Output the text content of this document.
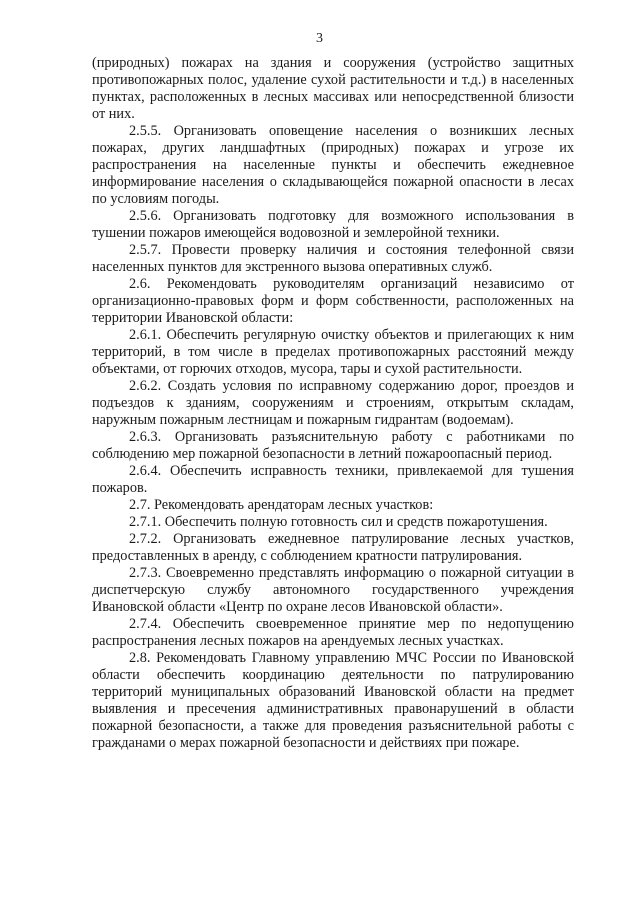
3

(природных) пожарах на здания и сооружения (устройство защитных противопожарных полос, удаление сухой растительности и т.д.) в населенных пунктах, расположенных в лесных массивах или непосредственной близости от них.

2.5.5. Организовать оповещение населения о возникших лесных пожарах, других ландшафтных (природных) пожарах и угрозе их распространения на населенные пункты и обеспечить ежедневное информирование населения о складывающейся пожарной опасности в лесах по условиям погоды.

2.5.6. Организовать подготовку для возможного использования в тушении пожаров имеющейся водовозной и землеройной техники.

2.5.7. Провести проверку наличия и состояния телефонной связи населенных пунктов для экстренного вызова оперативных служб.

2.6. Рекомендовать руководителям организаций независимо от организационно-правовых форм и форм собственности, расположенных на территории Ивановской области:

2.6.1. Обеспечить регулярную очистку объектов и прилегающих к ним территорий, в том числе в пределах противопожарных расстояний между объектами, от горючих отходов, мусора, тары и сухой растительности.

2.6.2. Создать условия по исправному содержанию дорог, проездов и подъездов к зданиям, сооружениям и строениям, открытым складам, наружным пожарным лестницам и пожарным гидрантам (водоемам).

2.6.3. Организовать разъяснительную работу с работниками по соблюдению мер пожарной безопасности в летний пожароопасный период.

2.6.4. Обеспечить исправность техники, привлекаемой для тушения пожаров.

2.7. Рекомендовать арендаторам лесных участков:

2.7.1. Обеспечить полную готовность сил и средств пожаротушения.

2.7.2. Организовать ежедневное патрулирование лесных участков, предоставленных в аренду, с соблюдением кратности патрулирования.

2.7.3. Своевременно представлять информацию о пожарной ситуации в диспетчерскую службу автономного государственного учреждения Ивановской области «Центр по охране лесов Ивановской области».

2.7.4. Обеспечить своевременное принятие мер по недопущению распространения лесных пожаров на арендуемых лесных участках.

2.8. Рекомендовать Главному управлению МЧС России по Ивановской области обеспечить координацию деятельности по патрулированию территорий муниципальных образований Ивановской области на предмет выявления и пресечения административных правонарушений в области пожарной безопасности, а также для проведения разъяснительной работы с гражданами о мерах пожарной безопасности и действиях при пожаре.
